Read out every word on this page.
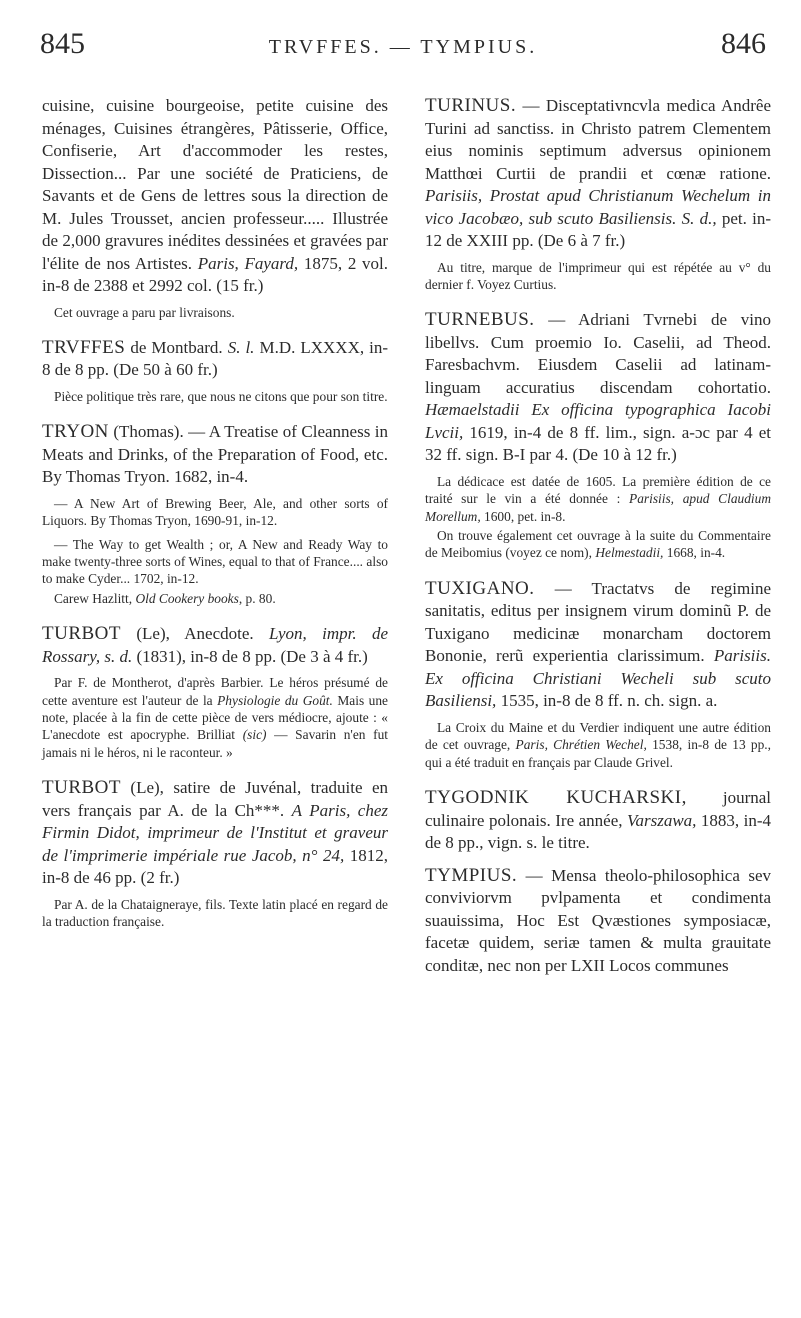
845	TRVFFES. — TYMPIUS.	846

cuisine, cuisine bourgeoise, petite cuisine des ménages, Cuisines étrangères, Pâtisserie, Office, Confiserie, Art d'accommoder les restes, Dissection... Par une société de Praticiens, de Savants et de Gens de lettres sous la direction de M. Jules Trousset, ancien professeur..... Illustrée de 2,000 gravures inédites dessinées et gravées par l'élite de nos Artistes. Paris, Fayard, 1875, 2 vol. in-8 de 2388 et 2992 col. (15 fr.)

Cet ouvrage a paru par livraisons.

TRVFFES de Montbard. S. l. M.D. LXXXX, in-8 de 8 pp. (De 50 à 60 fr.)

Pièce politique très rare, que nous ne citons que pour son titre.

TRYON (Thomas). — A Treatise of Cleanness in Meats and Drinks, of the Preparation of Food, etc. By Thomas Tryon. 1682, in-4.

— A New Art of Brewing Beer, Ale, and other sorts of Liquors. By Thomas Tryon, 1690-91, in-12.

— The Way to get Wealth ; or, A New and Ready Way to make twenty-three sorts of Wines, equal to that of France.... also to make Cyder... 1702, in-12.

Carew Hazlitt, Old Cookery books, p. 80.

TURBOT (Le), Anecdote. Lyon, impr. de Rossary, s. d. (1831), in-8 de 8 pp. (De 3 à 4 fr.)

Par F. de Montherot, d'après Barbier. Le héros présumé de cette aventure est l'auteur de la Physiologie du Goût. Mais une note, placée à la fin de cette pièce de vers médiocre, ajoute : « L'anecdote est apocryphe. Brilliat (sic) — Savarin n'en fut jamais ni le héros, ni le raconteur. »

TURBOT (Le), satire de Juvénal, traduite en vers français par A. de la Ch***. A Paris, chez Firmin Didot, imprimeur de l'Institut et graveur de l'imprimerie impériale rue Jacob, n° 24, 1812, in-8 de 46 pp. (2 fr.)

Par A. de la Chataigneraye, fils. Texte latin placé en regard de la traduction française.

TURINUS. — Disceptativncvla medica Andrêe Turini ad sanctiss. in Christo patrem Clementem eius nominis septimum adversus opinionem Matthœi Curtii de prandii et cœnæ ratione. Parisiis, Prostat apud Christianum Wechelum in vico Jacobæo, sub scuto Basiliensis. S. d., pet. in-12 de XXIII pp. (De 6 à 7 fr.)

Au titre, marque de l'imprimeur qui est répétée au v° du dernier f. Voyez Curtius.

TURNEBUS. — Adriani Tvrnebi de vino libellvs. Cum proemio Io. Caselii, ad Theod. Faresbachvm. Eiusdem Caselii ad latinam-linguam accuratius discendam cohortatio. Hæmaelstadii Ex officina typographica Iacobi Lvcii, 1619, in-4 de 8 ff. lim., sign. a-ɔc par 4 et 32 ff. sign. B-I par 4. (De 10 à 12 fr.)

La dédicace est datée de 1605. La première édition de ce traité sur le vin a été donnée : Parisiis, apud Claudium Morellum, 1600, pet. in-8.

On trouve également cet ouvrage à la suite du Commentaire de Meibomius (voyez ce nom), Helmestadii, 1668, in-4.

TUXIGANO. — Tractatvs de regimine sanitatis, editus per insignem virum dominũ P. de Tuxigano medicinæ monarcham doctorem Bononie, rerũ experientia clarissimum. Parisiis. Ex officina Christiani Wecheli sub scuto Basiliensi, 1535, in-8 de 8 ff. n. ch. sign. a.

La Croix du Maine et du Verdier indiquent une autre édition de cet ouvrage, Paris, Chrétien Wechel, 1538, in-8 de 13 pp., qui a été traduit en français par Claude Grivel.

TYGODNIK KUCHARSKI, journal culinaire polonais. Ire année, Varszawa, 1883, in-4 de 8 pp., vign. s. le titre.

TYMPIUS. — Mensa theolo-philosophica sev conviviorvm pvlpamenta et condimenta suauissima, Hoc Est Qvæstiones symposiacæ, facetæ quidem, seriæ tamen & multa grauitate conditæ, nec non per LXII Locos communes
